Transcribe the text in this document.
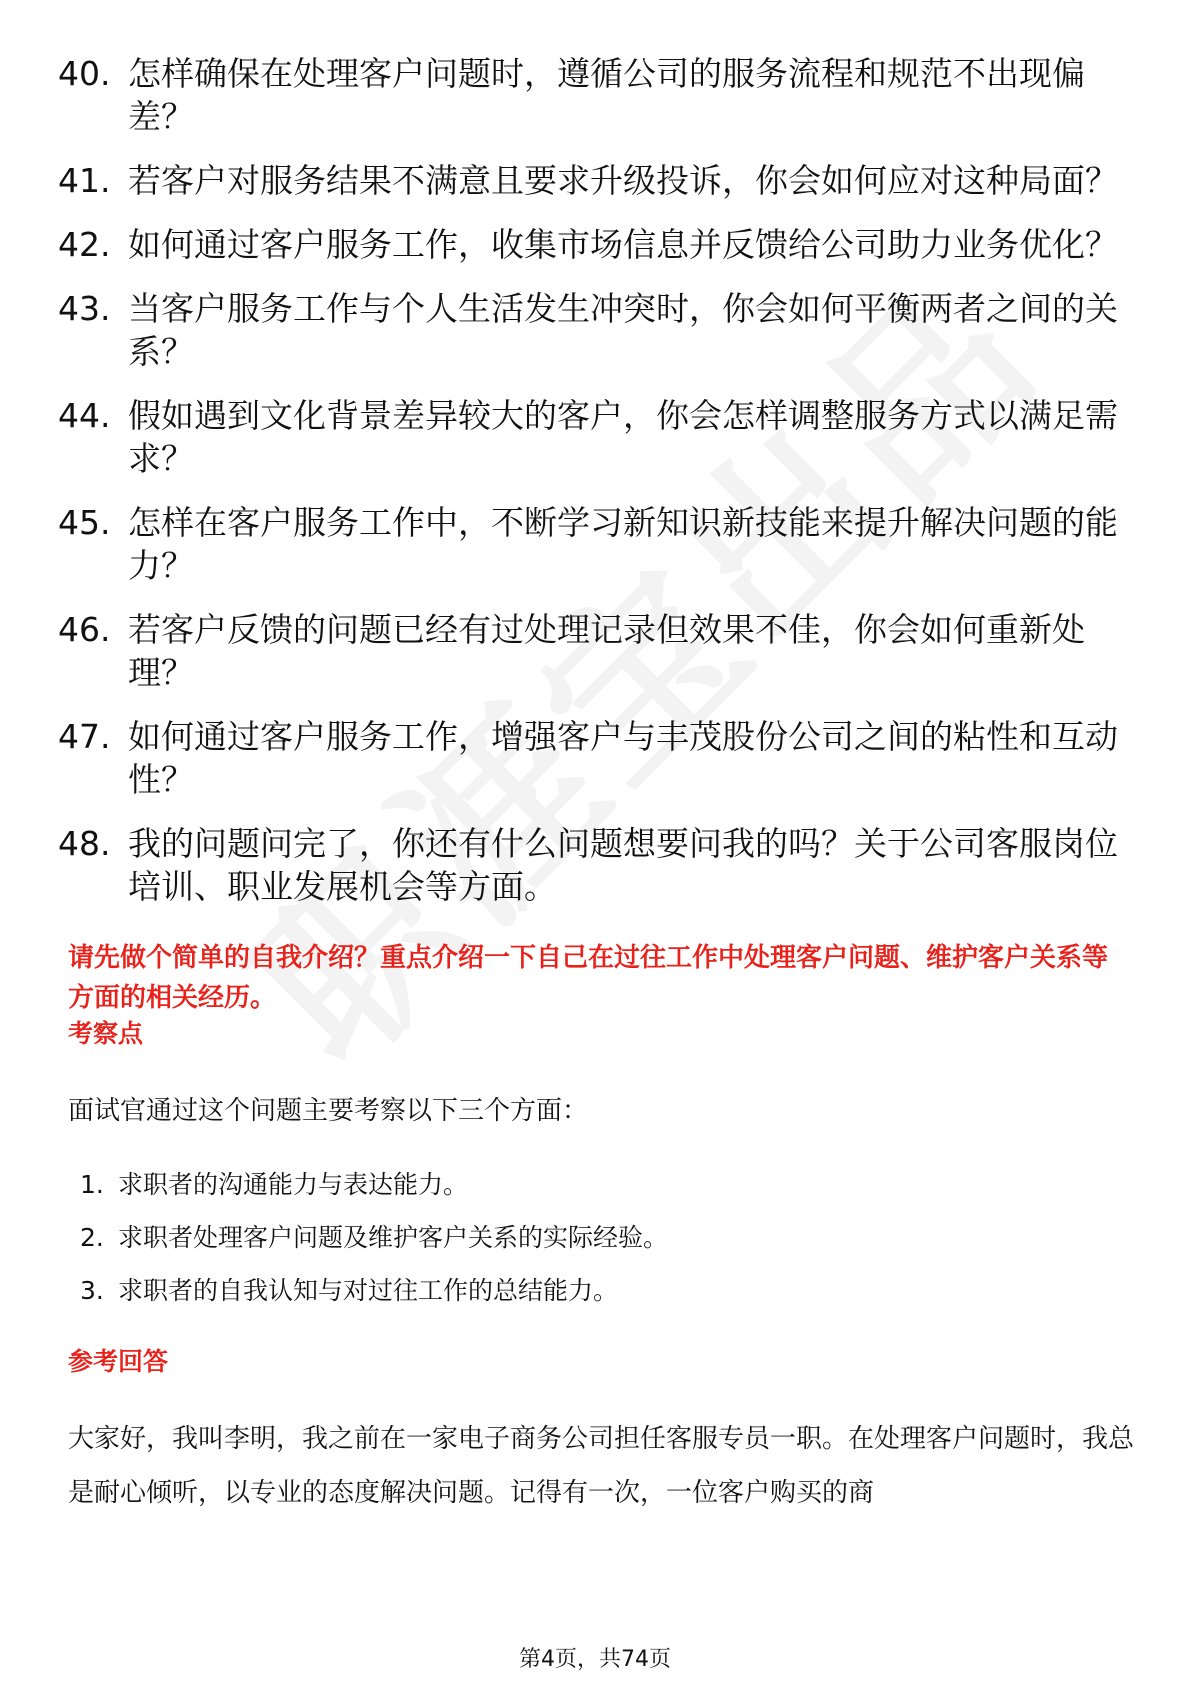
40. 怎样确保在处理客户问题时，遵循公司的服务流程和规范不出现偏差？
41. 若客户对服务结果不满意且要求升级投诉，你会如何应对这种局面？
42. 如何通过客户服务工作，收集市场信息并反馈给公司助力业务优化？
43. 当客户服务工作与个人生活发生冲突时，你会如何平衡两者之间的关系？
44. 假如遇到文化背景差异较大的客户，你会怎样调整服务方式以满足需求？
45. 怎样在客户服务工作中，不断学习新知识新技能来提升解决问题的能力？
46. 若客户反馈的问题已经有过处理记录但效果不佳，你会如何重新处理？
47. 如何通过客户服务工作，增强客户与丰茂股份公司之间的粘性和互动性？
48. 我的问题问完了，你还有什么问题想要问我的吗？关于公司客服岗位培训、职业发展机会等方面。
请先做个简单的自我介绍？重点介绍一下自己在过往工作中处理客户问题、维护客户关系等方面的相关经历。
考察点
面试官通过这个问题主要考察以下三个方面：
1. 求职者的沟通能力与表达能力。
2. 求职者处理客户问题及维护客户关系的实际经验。
3. 求职者的自我认知与对过往工作的总结能力。
参考回答
大家好，我叫李明，我之前在一家电子商务公司担任客服专员一职。在处理客户问题时，我总是耐心倾听，以专业的态度解决问题。记得有一次，一位客户购买的商
第4页，共74页
